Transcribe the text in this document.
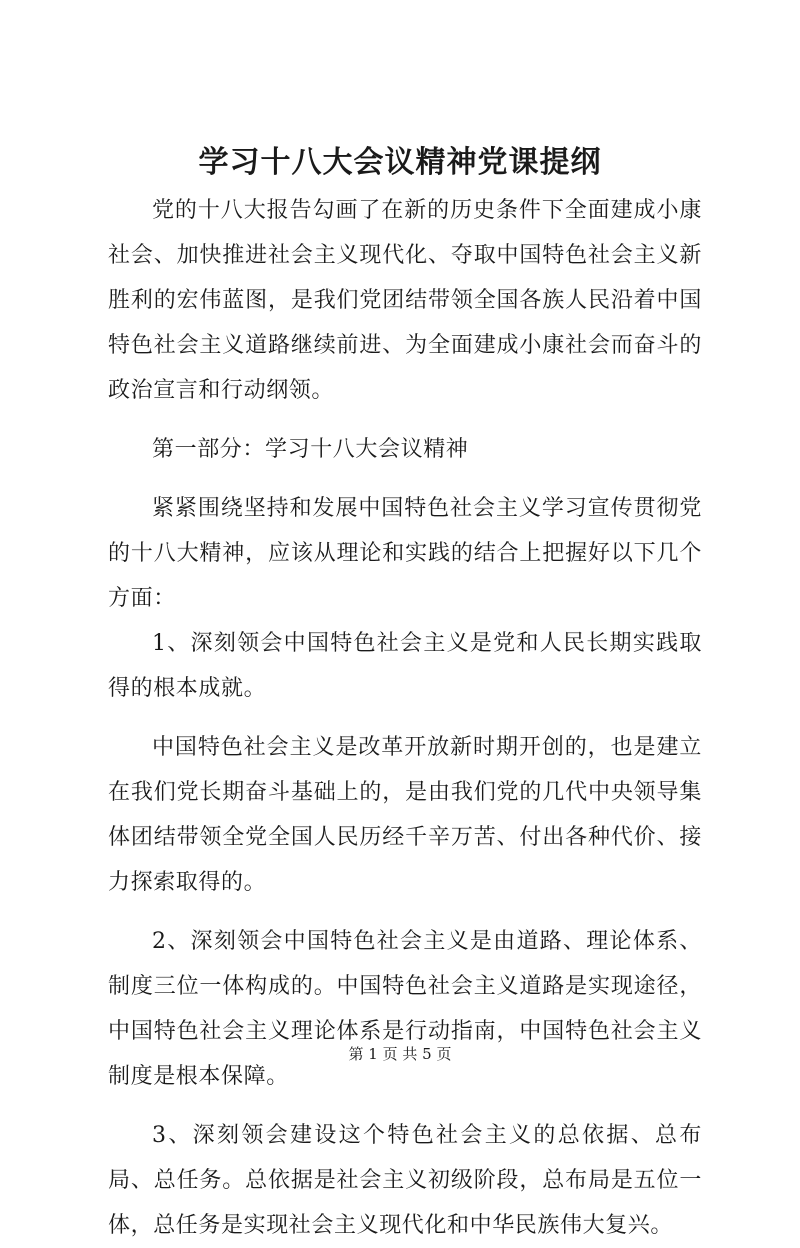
学习十八大会议精神党课提纲

党的十八大报告勾画了在新的历史条件下全面建成小康社会、加快推进社会主义现代化、夺取中国特色社会主义新胜利的宏伟蓝图，是我们党团结带领全国各族人民沿着中国特色社会主义道路继续前进、为全面建成小康社会而奋斗的政治宣言和行动纲领。

第一部分：学习十八大会议精神

紧紧围绕坚持和发展中国特色社会主义学习宣传贯彻党的十八大精神，应该从理论和实践的结合上把握好以下几个方面：

1、深刻领会中国特色社会主义是党和人民长期实践取得的根本成就。

中国特色社会主义是改革开放新时期开创的，也是建立在我们党长期奋斗基础上的，是由我们党的几代中央领导集体团结带领全党全国人民历经千辛万苦、付出各种代价、接力探索取得的。

2、深刻领会中国特色社会主义是由道路、理论体系、制度三位一体构成的。中国特色社会主义道路是实现途径，中国特色社会主义理论体系是行动指南，中国特色社会主义制度是根本保障。

3、深刻领会建设这个特色社会主义的总依据、总布局、总任务。总依据是社会主义初级阶段，总布局是五位一体，总任务是实现社会主义现代化和中华民族伟大复兴。

第 1 页 共 5 页
